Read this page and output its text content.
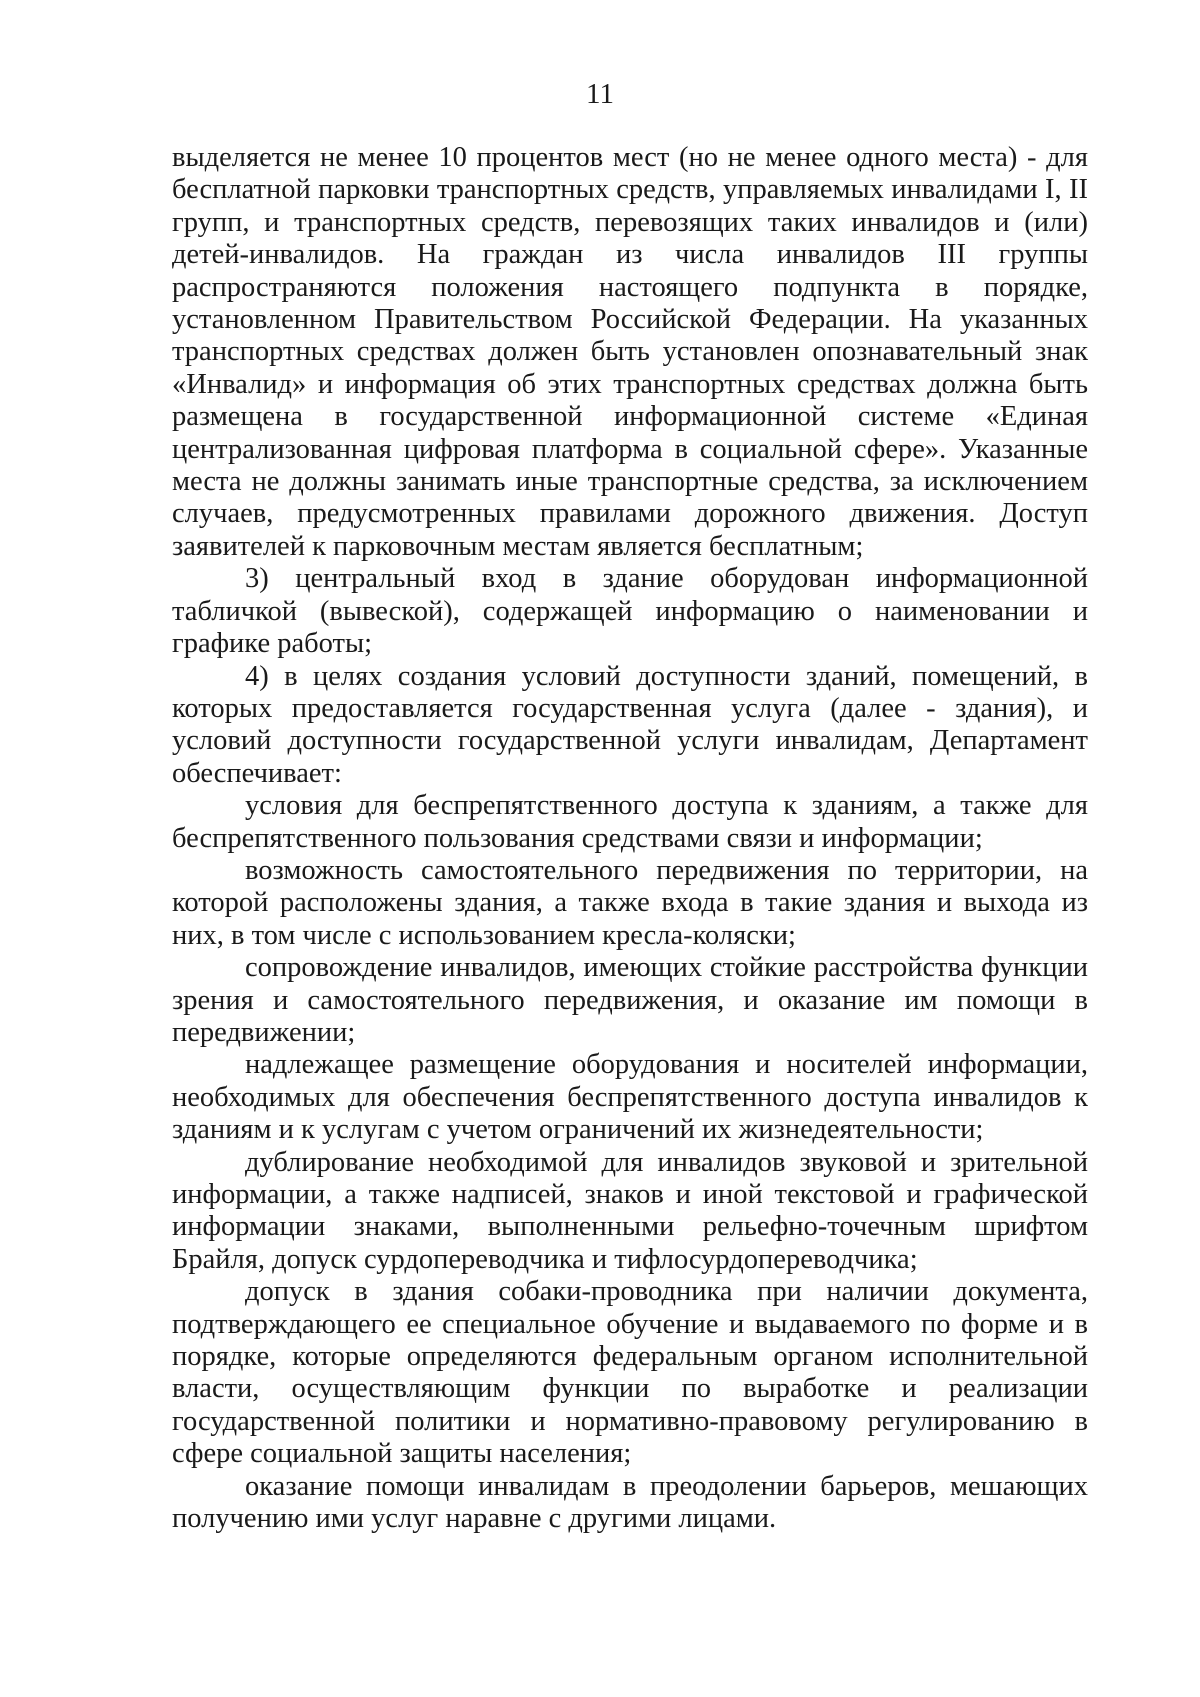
11

выделяется не менее 10 процентов мест (но не менее одного места) - для бесплатной парковки транспортных средств, управляемых инвалидами I, II групп, и транспортных средств, перевозящих таких инвалидов и (или) детей-инвалидов. На граждан из числа инвалидов III группы распространяются положения настоящего подпункта в порядке, установленном Правительством Российской Федерации. На указанных транспортных средствах должен быть установлен опознавательный знак «Инвалид» и информация об этих транспортных средствах должна быть размещена в государственной информационной системе «Единая централизованная цифровая платформа в социальной сфере». Указанные места не должны занимать иные транспортные средства, за исключением случаев, предусмотренных правилами дорожного движения. Доступ заявителей к парковочным местам является бесплатным;

3) центральный вход в здание оборудован информационной табличкой (вывеской), содержащей информацию о наименовании и графике работы;

4) в целях создания условий доступности зданий, помещений, в которых предоставляется государственная услуга (далее - здания), и условий доступности государственной услуги инвалидам, Департамент обеспечивает:

условия для беспрепятственного доступа к зданиям, а также для беспрепятственного пользования средствами связи и информации;

возможность самостоятельного передвижения по территории, на которой расположены здания, а также входа в такие здания и выхода из них, в том числе с использованием кресла-коляски;

сопровождение инвалидов, имеющих стойкие расстройства функции зрения и самостоятельного передвижения, и оказание им помощи в передвижении;

надлежащее размещение оборудования и носителей информации, необходимых для обеспечения беспрепятственного доступа инвалидов к зданиям и к услугам с учетом ограничений их жизнедеятельности;

дублирование необходимой для инвалидов звуковой и зрительной информации, а также надписей, знаков и иной текстовой и графической информации знаками, выполненными рельефно-точечным шрифтом Брайля, допуск сурдопереводчика и тифлосурдопереводчика;

допуск в здания собаки-проводника при наличии документа, подтверждающего ее специальное обучение и выдаваемого по форме и в порядке, которые определяются федеральным органом исполнительной власти, осуществляющим функции по выработке и реализации государственной политики и нормативно-правовому регулированию в сфере социальной защиты населения;

оказание помощи инвалидам в преодолении барьеров, мешающих получению ими услуг наравне с другими лицами.
